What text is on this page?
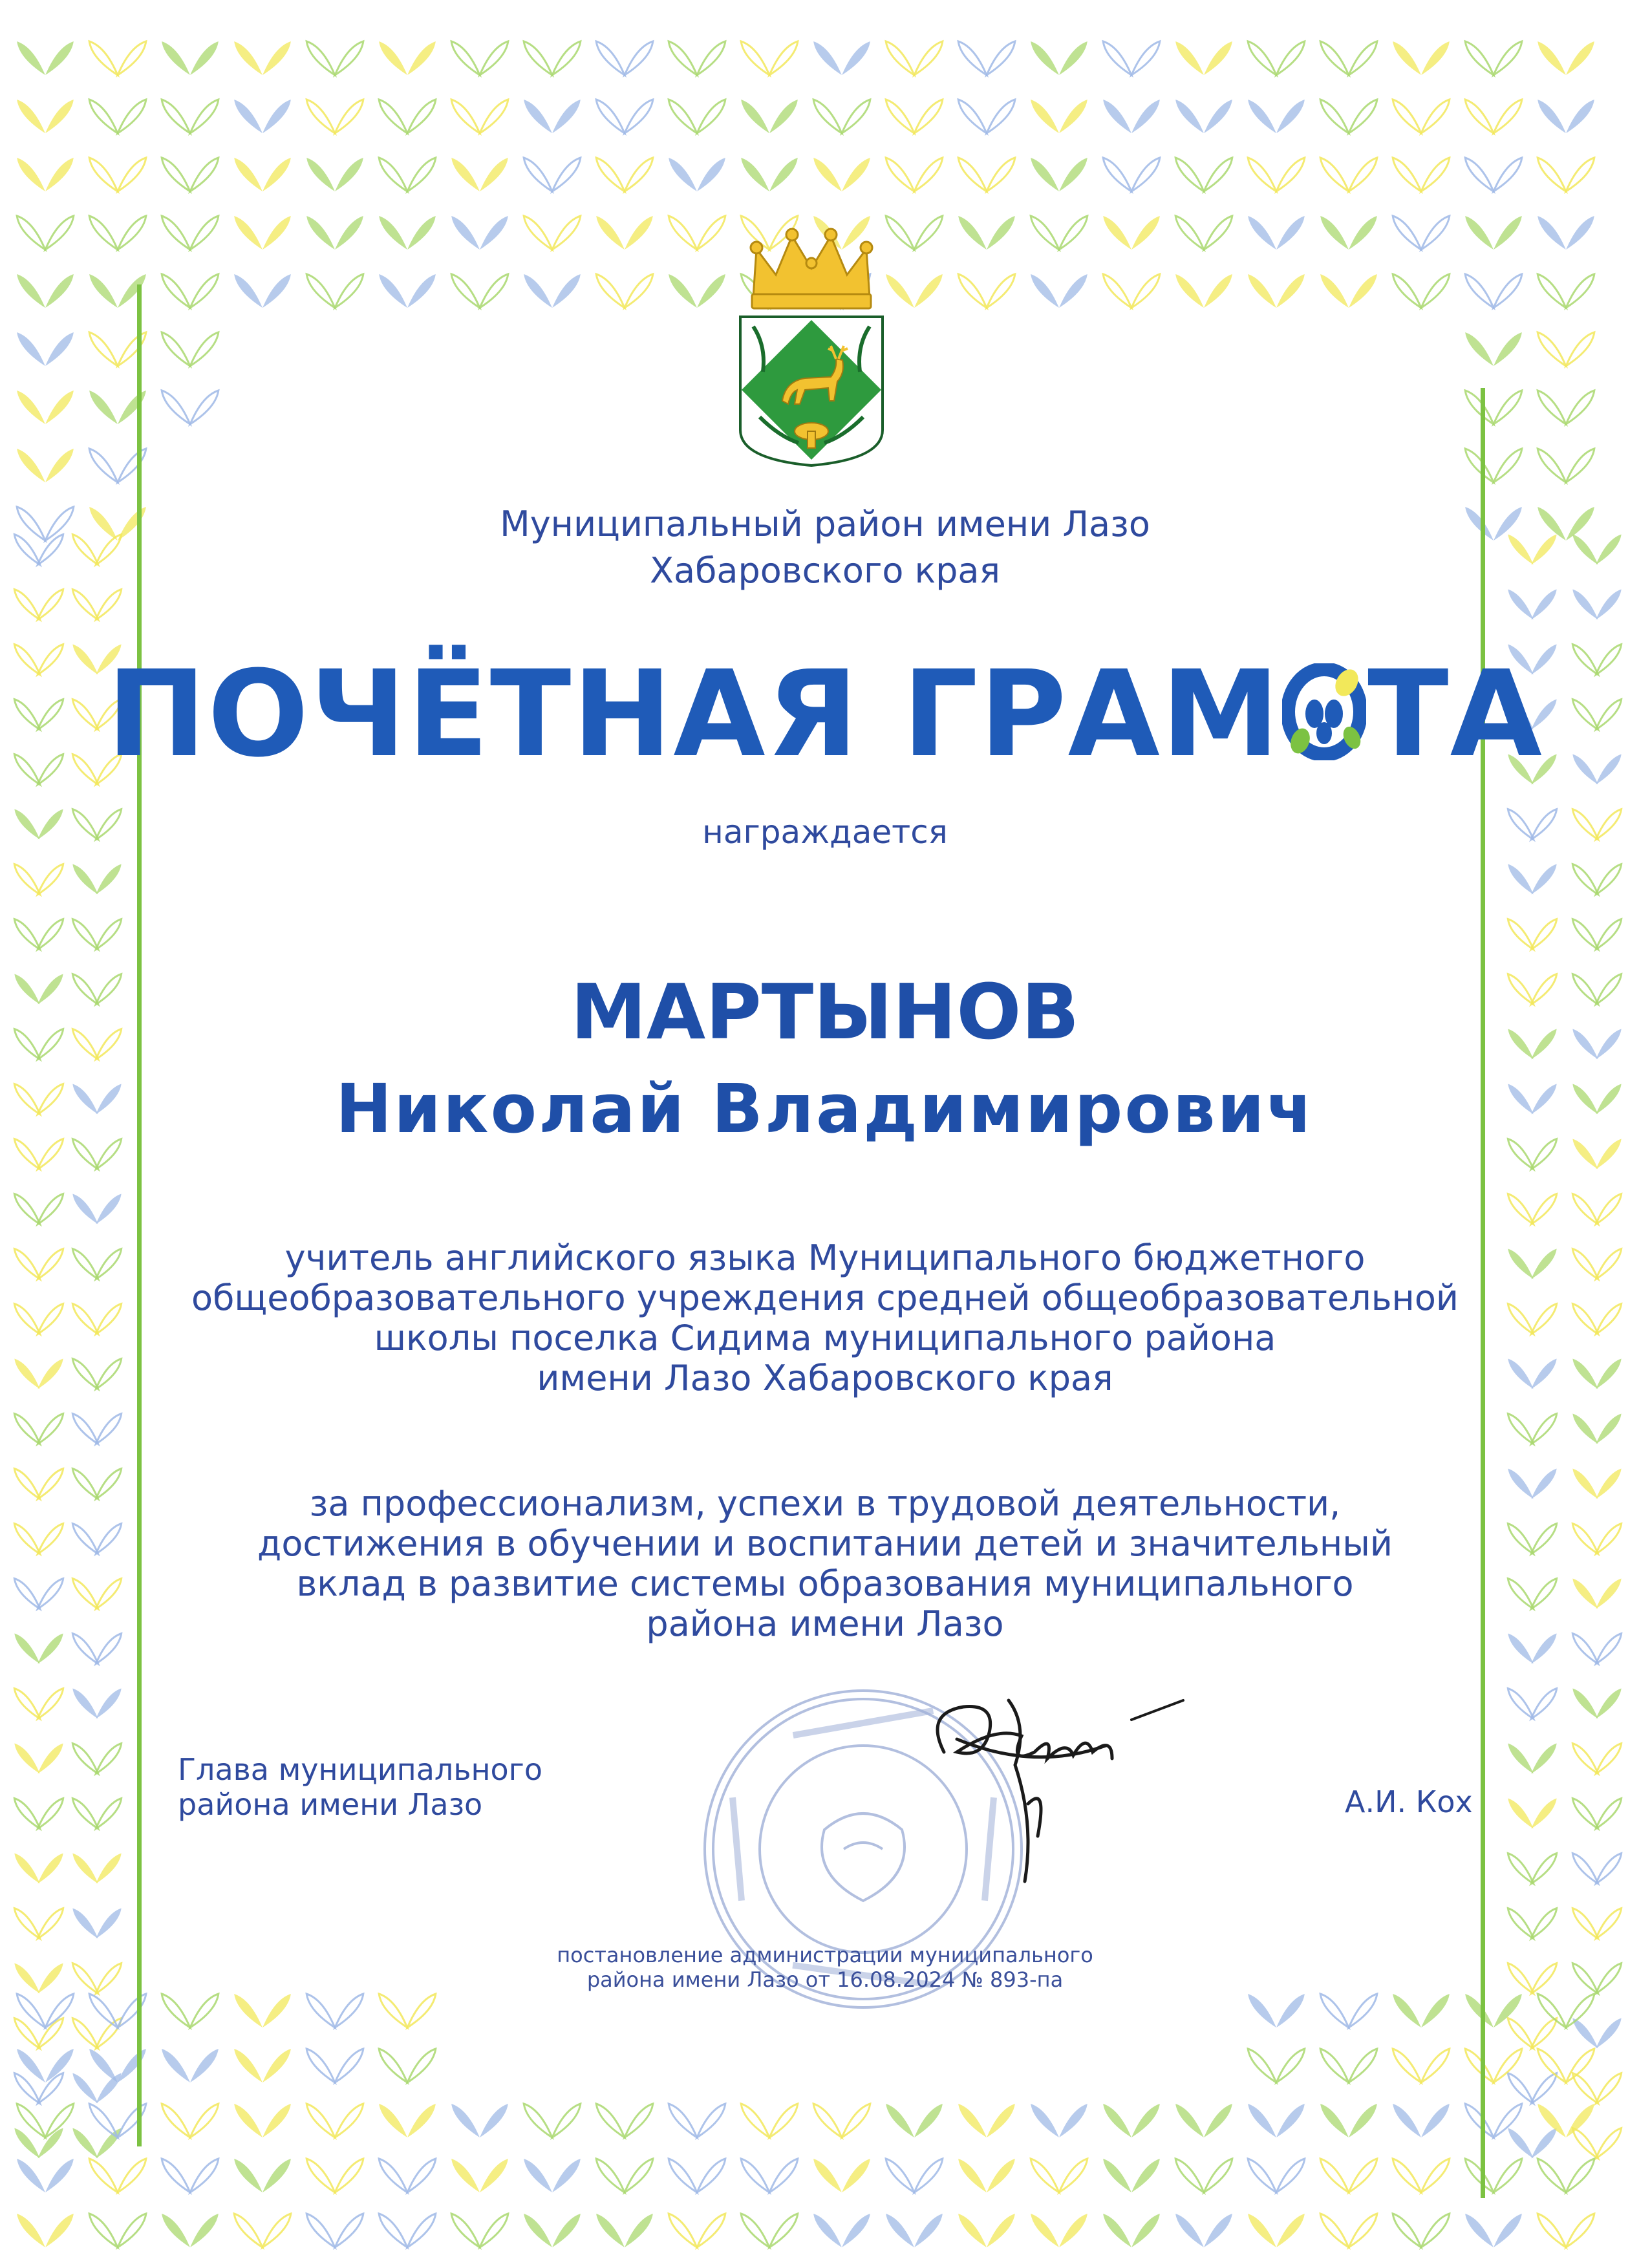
Муниципальный район имени Лазо
Хабаровского края
ПОЧЁТНАЯ ГРАМ ТА
награждается
МАРТЫНОВ
Николай Владимирович
учитель английского языка Муниципального бюджетного
общеобразовательного учреждения средней общеобразовательной
школы поселка Сидима муниципального района
имени Лазо Хабаровского края
за профессионализм, успехи в трудовой деятельности,
достижения в обучении и воспитании детей и значительный
вклад в развитие системы образования муниципального
района имени Лазо
Глава муниципального
района имени Лазо	А.И. Кох
постановление администрации муниципального
района имени Лазо от 16.08.2024 № 893-па
